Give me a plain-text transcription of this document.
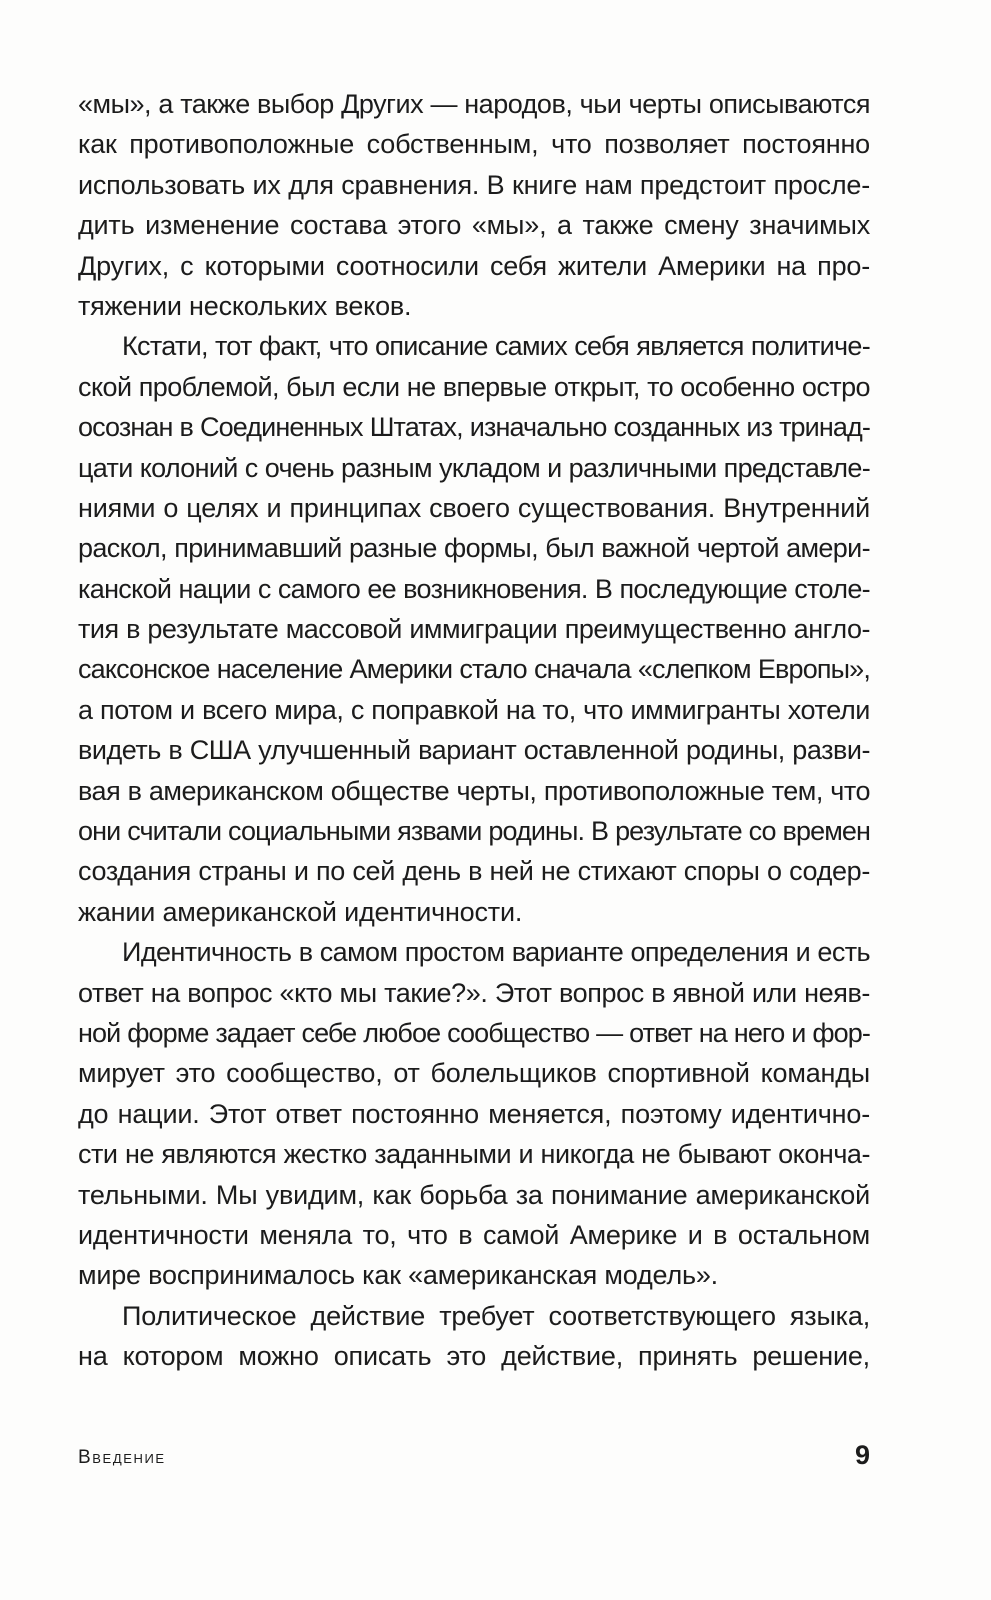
«мы», а также выбор Других — народов, чьи черты описываются
как противоположные собственным, что позволяет постоянно
использовать их для сравнения. В книге нам предстоит просле-
дить изменение состава этого «мы», а также смену значимых
Других, с которыми соотносили себя жители Америки на про-
тяжении нескольких веков.
Кстати, тот факт, что описание самих себя является политиче-
ской проблемой, был если не впервые открыт, то особенно остро
осознан в Соединенных Штатах, изначально созданных из тринад-
цати колоний с очень разным укладом и различными представле-
ниями о целях и принципах своего существования. Внутренний
раскол, принимавший разные формы, был важной чертой амери-
канской нации с самого ее возникновения. В последующие столе-
тия в результате массовой иммиграции преимущественно англо-
саксонское население Америки стало сначала «слепком Европы»,
а потом и всего мира, с поправкой на то, что иммигранты хотели
видеть в США улучшенный вариант оставленной родины, разви-
вая в американском обществе черты, противоположные тем, что
они считали социальными язвами родины. В результате со времен
создания страны и по сей день в ней не стихают споры о содер-
жании американской идентичности.
Идентичность в самом простом варианте определения и есть
ответ на вопрос «кто мы такие?». Этот вопрос в явной или неяв-
ной форме задает себе любое сообщество — ответ на него и фор-
мирует это сообщество, от болельщиков спортивной команды
до нации. Этот ответ постоянно меняется, поэтому идентично-
сти не являются жестко заданными и никогда не бывают оконча-
тельными. Мы увидим, как борьба за понимание американской
идентичности меняла то, что в самой Америке и в остальном
мире воспринималось как «американская модель».
Политическое действие требует соответствующего языка,
на котором можно описать это действие, принять решение,
Введение	9
